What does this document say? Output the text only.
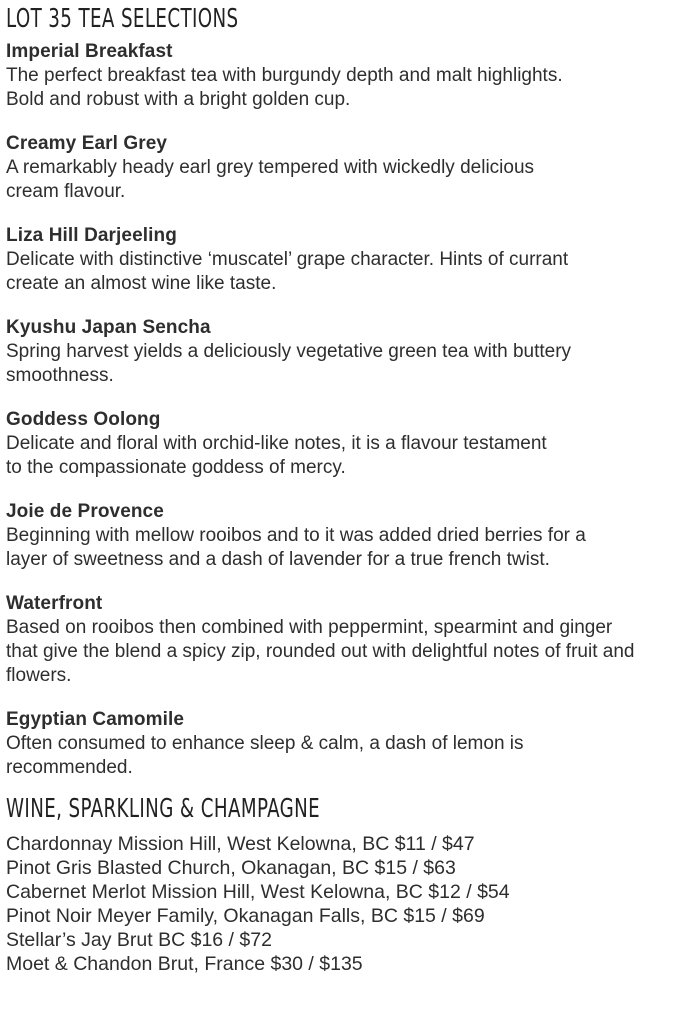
LOT 35 TEA SELECTIONS
Imperial Breakfast
The perfect breakfast tea with burgundy depth and malt highlights. Bold and robust with a bright golden cup.
Creamy Earl Grey
A remarkably heady earl grey tempered with wickedly delicious cream flavour.
Liza Hill Darjeeling
Delicate with distinctive ‘muscatel’ grape character. Hints of currant create an almost wine like taste.
Kyushu Japan Sencha
Spring harvest yields a deliciously vegetative green tea with buttery smoothness.
Goddess Oolong
Delicate and floral with orchid-like notes, it is a flavour testament to the compassionate goddess of mercy.
Joie de Provence
Beginning with mellow rooibos and to it was added dried berries for a layer of sweetness and a dash of lavender for a true french twist.
Waterfront
Based on rooibos then combined with peppermint, spearmint and ginger that give the blend a spicy zip, rounded out with delightful notes of fruit and flowers.
Egyptian Camomile
Often consumed to enhance sleep & calm, a dash of lemon is recommended.
WINE, SPARKLING & CHAMPAGNE
Chardonnay Mission Hill, West Kelowna, BC $11 / $47
Pinot Gris Blasted Church, Okanagan, BC $15 / $63
Cabernet Merlot Mission Hill, West Kelowna, BC $12 / $54
Pinot Noir Meyer Family, Okanagan Falls, BC $15 / $69
Stellar’s Jay Brut BC $16 / $72
Moet & Chandon Brut, France $30 / $135
